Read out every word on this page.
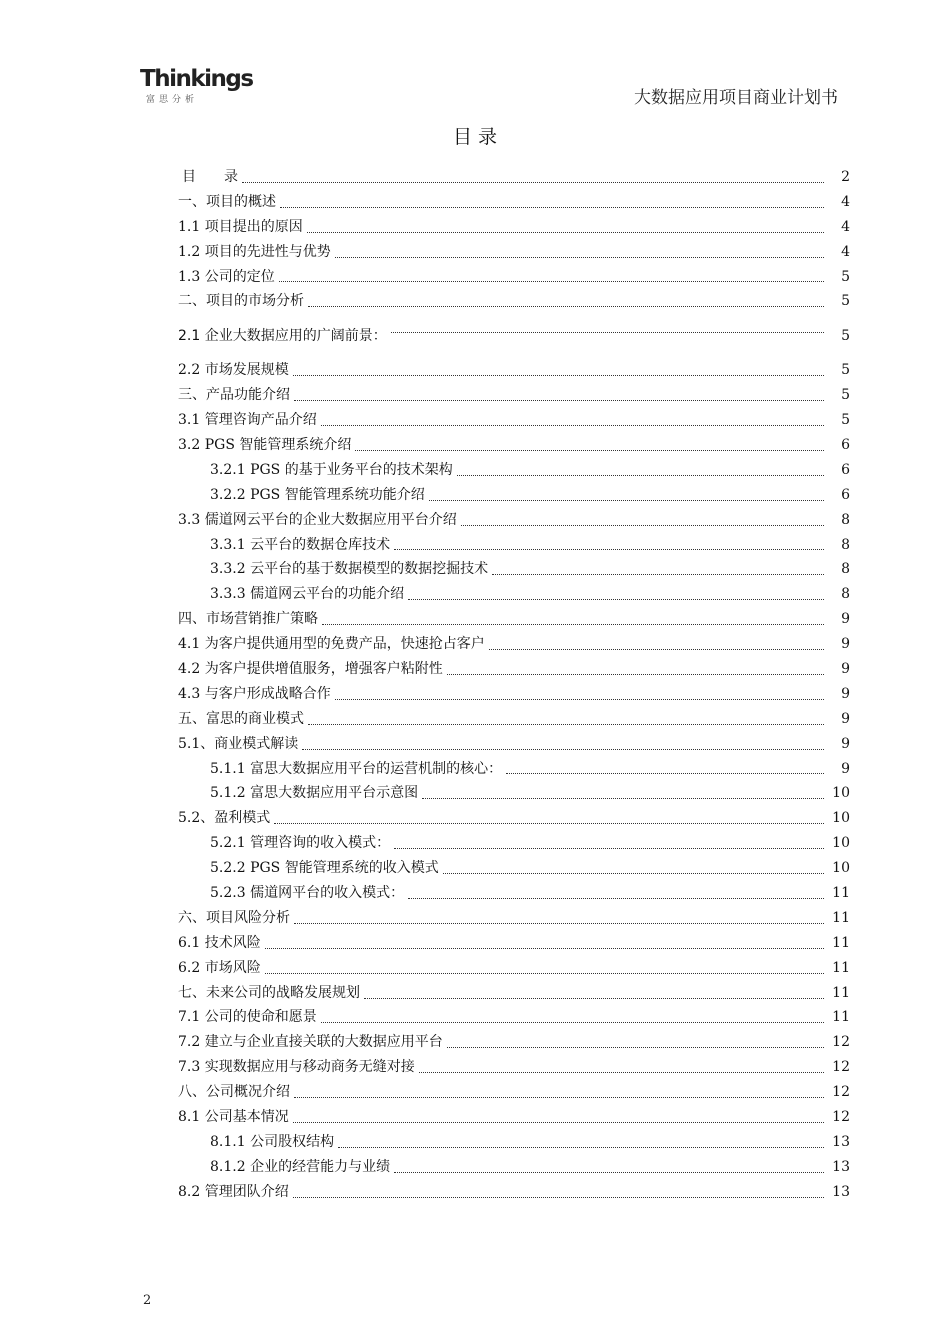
Thinkings
富思分析	大数据应用项目商业计划书
目 录
目　　录	2
一、项目的概述	4
1.1 项目提出的原因	4
1.2 项目的先进性与优势	4
1.3 公司的定位	5
二、项目的市场分析	5
2.1 企业大数据应用的广阔前景：	5
2.2 市场发展规模	5
三、产品功能介绍	5
3.1 管理咨询产品介绍	5
3.2 PGS 智能管理系统介绍	6
3.2.1 PGS 的基于业务平台的技术架构	6
3.2.2 PGS 智能管理系统功能介绍	6
3.3 儒道网云平台的企业大数据应用平台介绍	8
3.3.1 云平台的数据仓库技术	8
3.3.2 云平台的基于数据模型的数据挖掘技术	8
3.3.3 儒道网云平台的功能介绍	8
四、市场营销推广策略	9
4.1 为客户提供通用型的免费产品，快速抢占客户	9
4.2 为客户提供增值服务，增强客户粘附性	9
4.3 与客户形成战略合作	9
五、富思的商业模式	9
5.1、商业模式解读	9
5.1.1 富思大数据应用平台的运营机制的核心：	9
5.1.2 富思大数据应用平台示意图	10
5.2、盈利模式	10
5.2.1 管理咨询的收入模式：	10
5.2.2 PGS 智能管理系统的收入模式	10
5.2.3 儒道网平台的收入模式：	11
六、项目风险分析	11
6.1 技术风险	11
6.2 市场风险	11
七、未来公司的战略发展规划	11
7.1 公司的使命和愿景	11
7.2 建立与企业直接关联的大数据应用平台	12
7.3 实现数据应用与移动商务无缝对接	12
八、公司概况介绍	12
8.1 公司基本情况	12
8.1.1 公司股权结构	13
8.1.2 企业的经营能力与业绩	13
8.2 管理团队介绍	13
2
